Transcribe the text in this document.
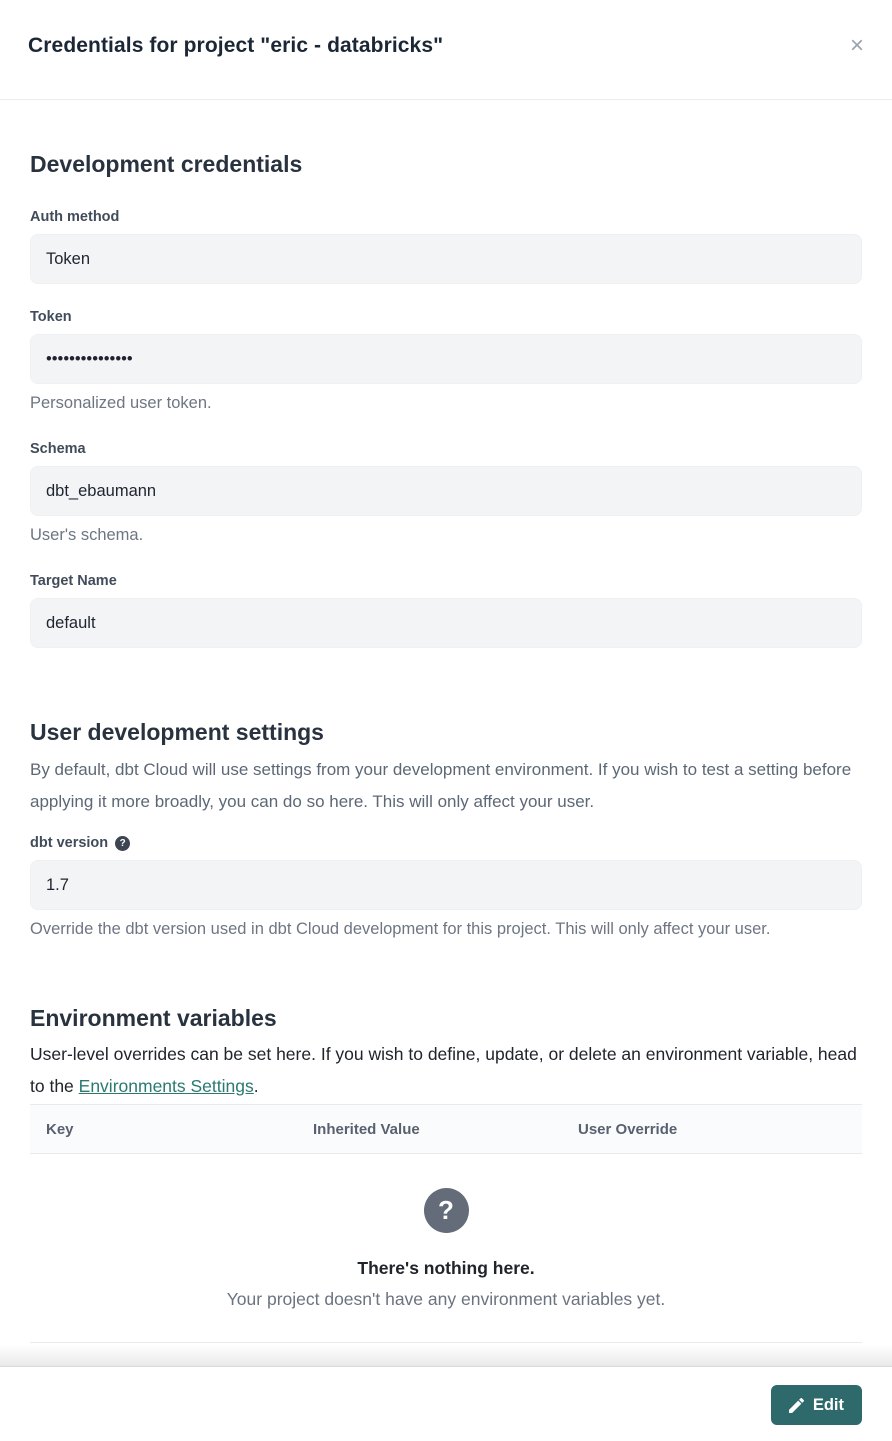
Credentials for project "eric - databricks"	×
Development credentials
Auth method
Token
Token
•••••••••••••••
Personalized user token.
Schema
dbt_ebaumann
User's schema.
Target Name
default
User development settings

By default, dbt Cloud will use settings from your development environment. If you wish to test a setting before applying it more broadly, you can do so here. This will only affect your user.

dbt version	?
1.7
Override the dbt version used in dbt Cloud development for this project. This will only affect your user.
Environment variables

User-level overrides can be set here. If you wish to define, update, or delete an environment variable, head to the Environments Settings.

Key	Inherited Value	User Override
?
There's nothing here.
Your project doesn't have any environment variables yet.
Edit
